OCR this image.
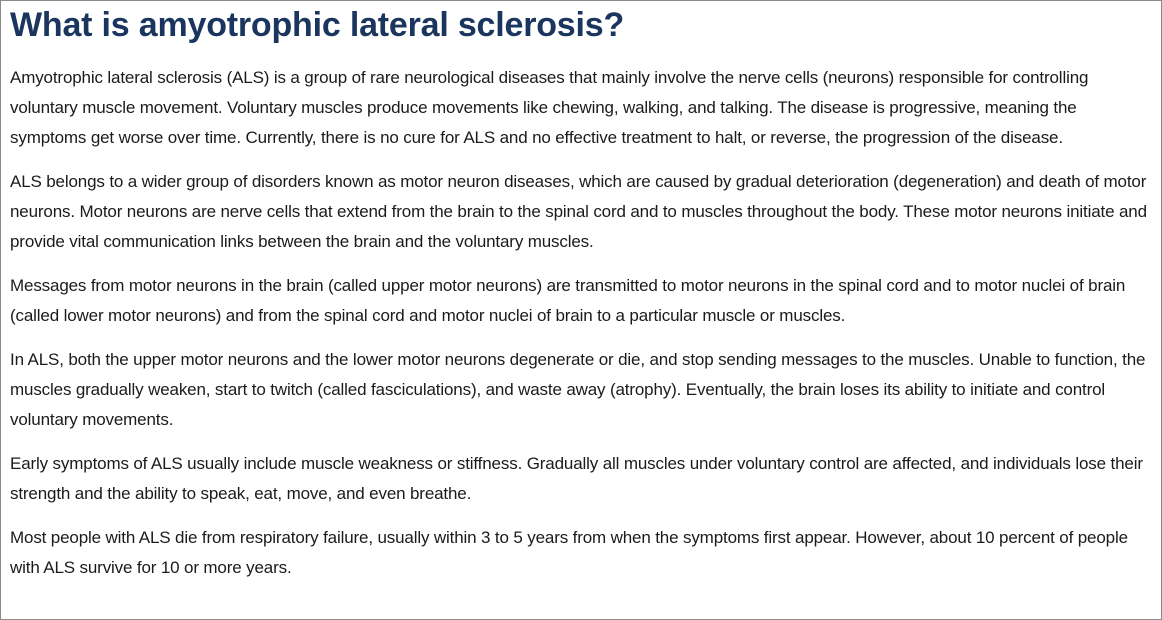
What is amyotrophic lateral sclerosis?

Amyotrophic lateral sclerosis (ALS) is a group of rare neurological diseases that mainly involve the nerve cells (neurons) responsible for controlling voluntary muscle movement. Voluntary muscles produce movements like chewing, walking, and talking. The disease is progressive, meaning the symptoms get worse over time. Currently, there is no cure for ALS and no effective treatment to halt, or reverse, the progression of the disease.

ALS belongs to a wider group of disorders known as motor neuron diseases, which are caused by gradual deterioration (degeneration) and death of motor neurons. Motor neurons are nerve cells that extend from the brain to the spinal cord and to muscles throughout the body. These motor neurons initiate and provide vital communication links between the brain and the voluntary muscles.

Messages from motor neurons in the brain (called upper motor neurons) are transmitted to motor neurons in the spinal cord and to motor nuclei of brain (called lower motor neurons) and from the spinal cord and motor nuclei of brain to a particular muscle or muscles.

In ALS, both the upper motor neurons and the lower motor neurons degenerate or die, and stop sending messages to the muscles. Unable to function, the muscles gradually weaken, start to twitch (called fasciculations), and waste away (atrophy). Eventually, the brain loses its ability to initiate and control voluntary movements.

Early symptoms of ALS usually include muscle weakness or stiffness. Gradually all muscles under voluntary control are affected, and individuals lose their strength and the ability to speak, eat, move, and even breathe.

Most people with ALS die from respiratory failure, usually within 3 to 5 years from when the symptoms first appear. However, about 10 percent of people with ALS survive for 10 or more years.
